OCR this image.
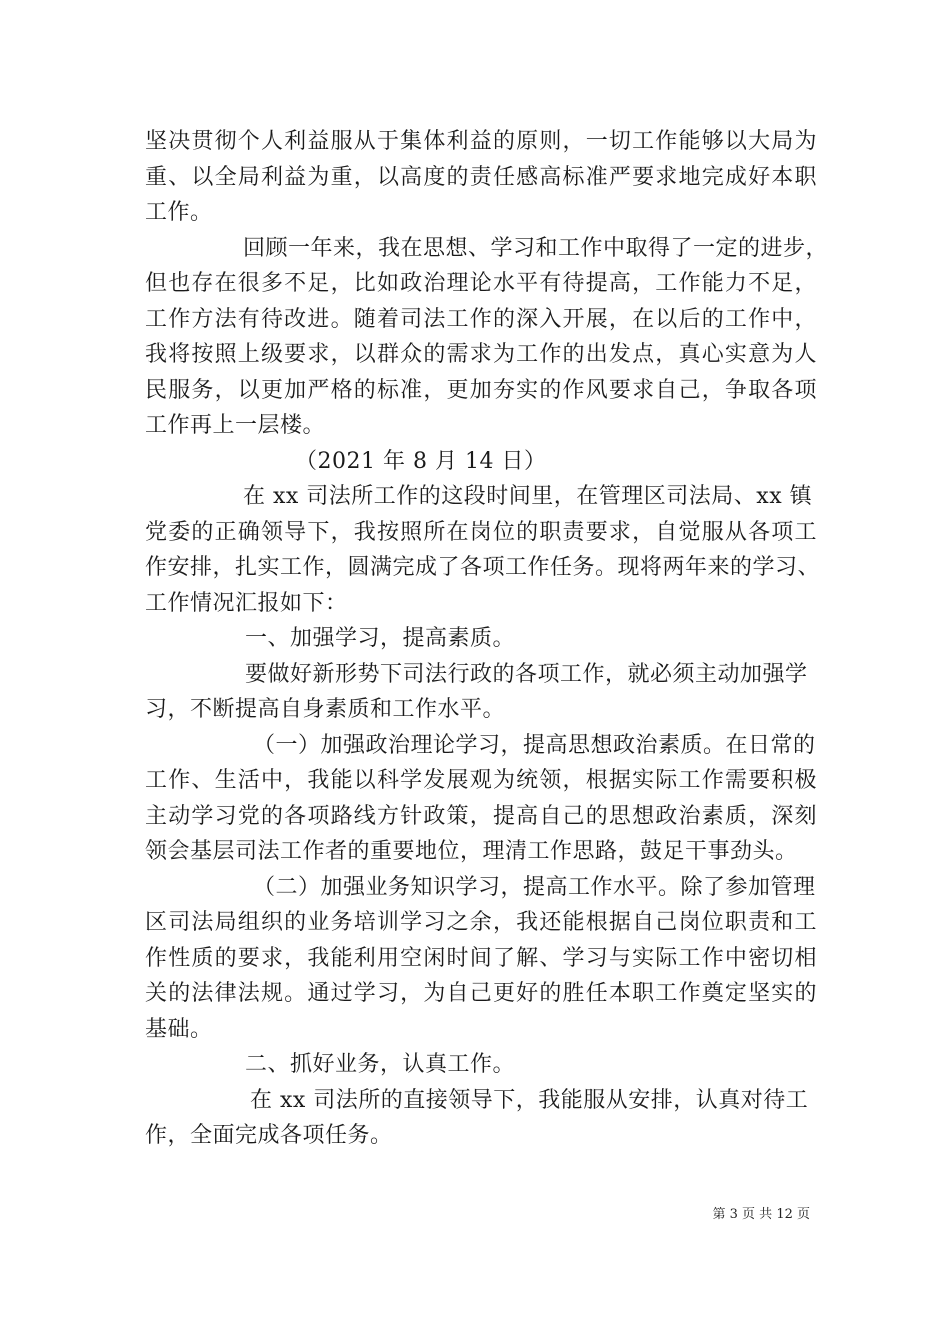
坚决贯彻个人利益服从于集体利益的原则，一切工作能够以大局为
重、以全局利益为重，以高度的责任感高标准严要求地完成好本职
工作。
回顾一年来，我在思想、学习和工作中取得了一定的进步，
但也存在很多不足，比如政治理论水平有待提高，工作能力不足，
工作方法有待改进。随着司法工作的深入开展，在以后的工作中，
我将按照上级要求，以群众的需求为工作的出发点，真心实意为人
民服务，以更加严格的标准，更加夯实的作风要求自己，争取各项
工作再上一层楼。
（2021 年 8 月 14 日）
在 xx 司法所工作的这段时间里，在管理区司法局、xx 镇
党委的正确领导下，我按照所在岗位的职责要求，自觉服从各项工
作安排，扎实工作，圆满完成了各项工作任务。现将两年来的学习、
工作情况汇报如下：
一、加强学习，提高素质。
要做好新形势下司法行政的各项工作，就必须主动加强学
习，不断提高自身素质和工作水平。
（一）加强政治理论学习，提高思想政治素质。在日常的
工作、生活中，我能以科学发展观为统领，根据实际工作需要积极
主动学习党的各项路线方针政策，提高自己的思想政治素质，深刻
领会基层司法工作者的重要地位，理清工作思路，鼓足干事劲头。
（二）加强业务知识学习，提高工作水平。除了参加管理
区司法局组织的业务培训学习之余，我还能根据自己岗位职责和工
作性质的要求，我能利用空闲时间了解、学习与实际工作中密切相
关的法律法规。通过学习，为自己更好的胜任本职工作奠定坚实的
基础。
二、抓好业务，认真工作。
在 xx 司法所的直接领导下，我能服从安排，认真对待工
作，全面完成各项任务。
第 3 页 共 12 页
